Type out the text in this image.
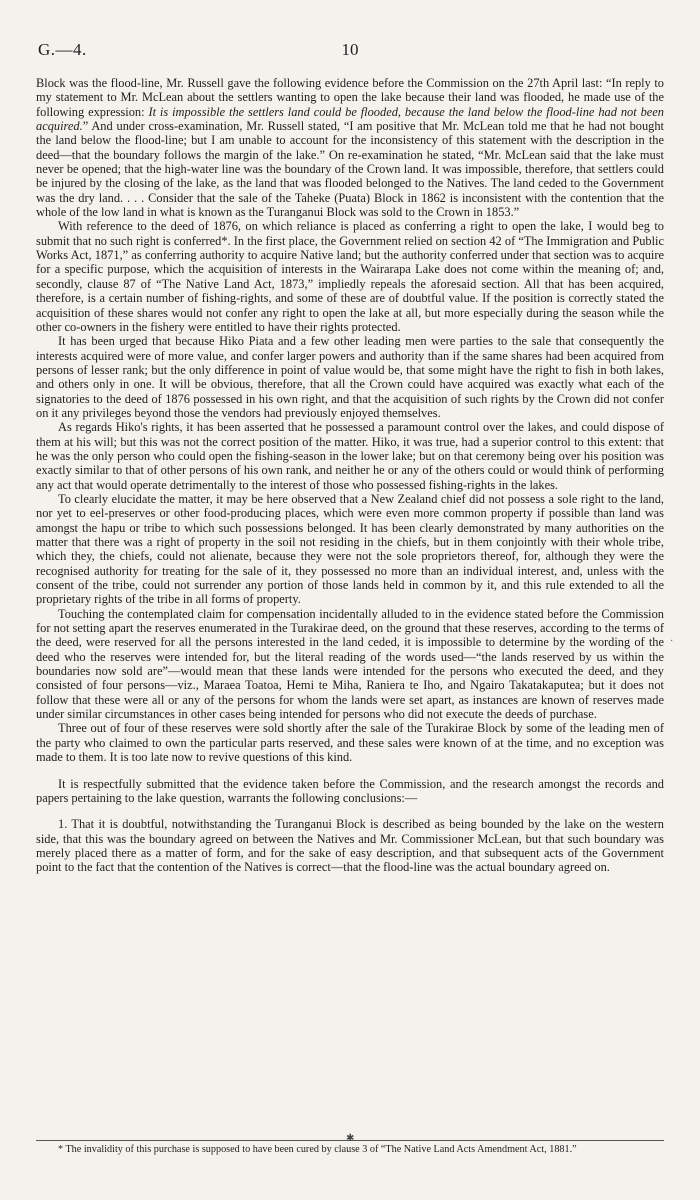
G.—4.	10

Block was the flood-line, Mr. Russell gave the following evidence before the Commission on the 27th April last: “In reply to my statement to Mr. McLean about the settlers wanting to open the lake because their land was flooded, he made use of the following expression: It is impossible the settlers land could be flooded, because the land below the flood-line had not been acquired.” And under cross-examination, Mr. Russell stated, “I am positive that Mr. McLean told me that he had not bought the land below the flood-line; but I am unable to account for the inconsistency of this statement with the description in the deed—that the boundary follows the margin of the lake.” On re-examination he stated, “Mr. McLean said that the lake must never be opened; that the high-water line was the boundary of the Crown land. It was impossible, therefore, that settlers could be injured by the closing of the lake, as the land that was flooded belonged to the Natives. The land ceded to the Government was the dry land. . . . Consider that the sale of the Taheke (Puata) Block in 1862 is inconsistent with the contention that the whole of the low land in what is known as the Turanganui Block was sold to the Crown in 1853.”

With reference to the deed of 1876, on which reliance is placed as conferring a right to open the lake, I would beg to submit that no such right is conferred*. In the first place, the Government relied on section 42 of “The Immigration and Public Works Act, 1871,” as conferring authority to acquire Native land; but the authority conferred under that section was to acquire for a specific purpose, which the acquisition of interests in the Wairarapa Lake does not come within the meaning of; and, secondly, clause 87 of “The Native Land Act, 1873,” impliedly repeals the aforesaid section. All that has been acquired, therefore, is a certain number of fishing-rights, and some of these are of doubtful value. If the position is correctly stated the acquisition of these shares would not confer any right to open the lake at all, but more especially during the season while the other co-owners in the fishery were entitled to have their rights protected.

It has been urged that because Hiko Piata and a few other leading men were parties to the sale that consequently the interests acquired were of more value, and confer larger powers and authority than if the same shares had been acquired from persons of lesser rank; but the only difference in point of value would be, that some might have the right to fish in both lakes, and others only in one. It will be obvious, therefore, that all the Crown could have acquired was exactly what each of the signatories to the deed of 1876 possessed in his own right, and that the acquisition of such rights by the Crown did not confer on it any privileges beyond those the vendors had previously enjoyed themselves.

As regards Hiko's rights, it has been asserted that he possessed a paramount control over the lakes, and could dispose of them at his will; but this was not the correct position of the matter. Hiko, it was true, had a superior control to this extent: that he was the only person who could open the fishing-season in the lower lake; but on that ceremony being over his position was exactly similar to that of other persons of his own rank, and neither he or any of the others could or would think of performing any act that would operate detrimentally to the interest of those who possessed fishing-rights in the lakes.

To clearly elucidate the matter, it may be here observed that a New Zealand chief did not possess a sole right to the land, nor yet to eel-preserves or other food-producing places, which were even more common property if possible than land was amongst the hapu or tribe to which such possessions belonged. It has been clearly demonstrated by many authorities on the matter that there was a right of property in the soil not residing in the chiefs, but in them conjointly with their whole tribe, which they, the chiefs, could not alienate, because they were not the sole proprietors thereof, for, although they were the recognised authority for treating for the sale of it, they possessed no more than an individual interest, and, unless with the consent of the tribe, could not surrender any portion of those lands held in common by it, and this rule extended to all the proprietary rights of the tribe in all forms of property.

Touching the contemplated claim for compensation incidentally alluded to in the evidence stated before the Commission for not setting apart the reserves enumerated in the Turakirae deed, on the ground that these reserves, according to the terms of the deed, were reserved for all the persons interested in the land ceded, it is impossible to determine by the wording of the deed who the reserves were intended for, but the literal reading of the words used—“the lands reserved by us within the boundaries now sold are”—would mean that these lands were intended for the persons who executed the deed, and they consisted of four persons—viz., Maraea Toatoa, Hemi te Miha, Raniera te Iho, and Ngairo Takatakaputea; but it does not follow that these were all or any of the persons for whom the lands were set apart, as instances are known of reserves made under similar circumstances in other cases being intended for persons who did not execute the deeds of purchase.

Three out of four of these reserves were sold shortly after the sale of the Turakirae Block by some of the leading men of the party who claimed to own the particular parts reserved, and these sales were known of at the time, and no exception was made to them. It is too late now to revive questions of this kind.

It is respectfully submitted that the evidence taken before the Commission, and the research amongst the records and papers pertaining to the lake question, warrants the following conclusions:—

1. That it is doubtful, notwithstanding the Turanganui Block is described as being bounded by the lake on the western side, that this was the boundary agreed on between the Natives and Mr. Commissioner McLean, but that such boundary was merely placed there as a matter of form, and for the sake of easy description, and that subsequent acts of the Government point to the fact that the contention of the Natives is correct—that the flood-line was the actual boundary agreed on.

·
✱
* The invalidity of this purchase is supposed to have been cured by clause 3 of “The Native Land Acts Amendment Act, 1881.”
